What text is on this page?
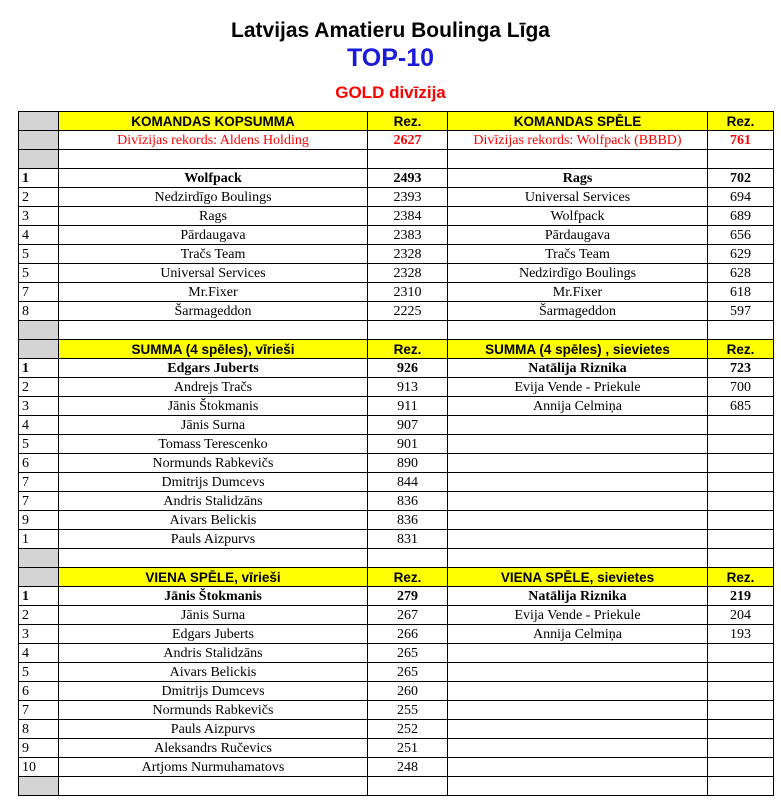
Latvijas Amatieru Boulinga Līga
TOP-10
GOLD divīzija
	KOMANDAS KOPSUMMA	Rez.	KOMANDAS SPĒLE	Rez.
	Divīzijas rekords: Aldens Holding	2627	Divīzijas rekords: Wolfpack (BBBD)	761

1	Wolfpack	2493	Rags	702
2	Nedzirdīgo Boulings	2393	Universal Services	694
3	Rags	2384	Wolfpack	689
4	Pārdaugava	2383	Pārdaugava	656
5	Tračs Team	2328	Tračs Team	629
5	Universal Services	2328	Nedzirdīgo Boulings	628
7	Mr.Fixer	2310	Mr.Fixer	618
8	Šarmageddon	2225	Šarmageddon	597

	SUMMA (4 spēles), vīrieši	Rez.	SUMMA (4 spēles) , sievietes	Rez.
1	Edgars Juberts	926	Natālija Riznika	723
2	Andrejs Tračs	913	Evija Vende - Priekule	700
3	Jānis Štokmanis	911	Annija Celmiņa	685
4	Jānis Surna	907		
5	Tomass Terescenko	901		
6	Normunds Rabkevičs	890		
7	Dmitrijs Dumcevs	844		
7	Andris Stalidzāns	836		
9	Aivars Belickis	836		
1	Pauls Aizpurvs	831		

	VIENA SPĒLE, vīrieši	Rez.	VIENA SPĒLE, sievietes	Rez.
1	Jānis Štokmanis	279	Natālija Riznika	219
2	Jānis Surna	267	Evija Vende - Priekule	204
3	Edgars Juberts	266	Annija Celmiņa	193
4	Andris Stalidzāns	265		
5	Aivars Belickis	265		
6	Dmitrijs Dumcevs	260		
7	Normunds Rabkevičs	255		
8	Pauls Aizpurvs	252		
9	Aleksandrs Ručevics	251		
10	Artjoms Nurmuhamatovs	248		
